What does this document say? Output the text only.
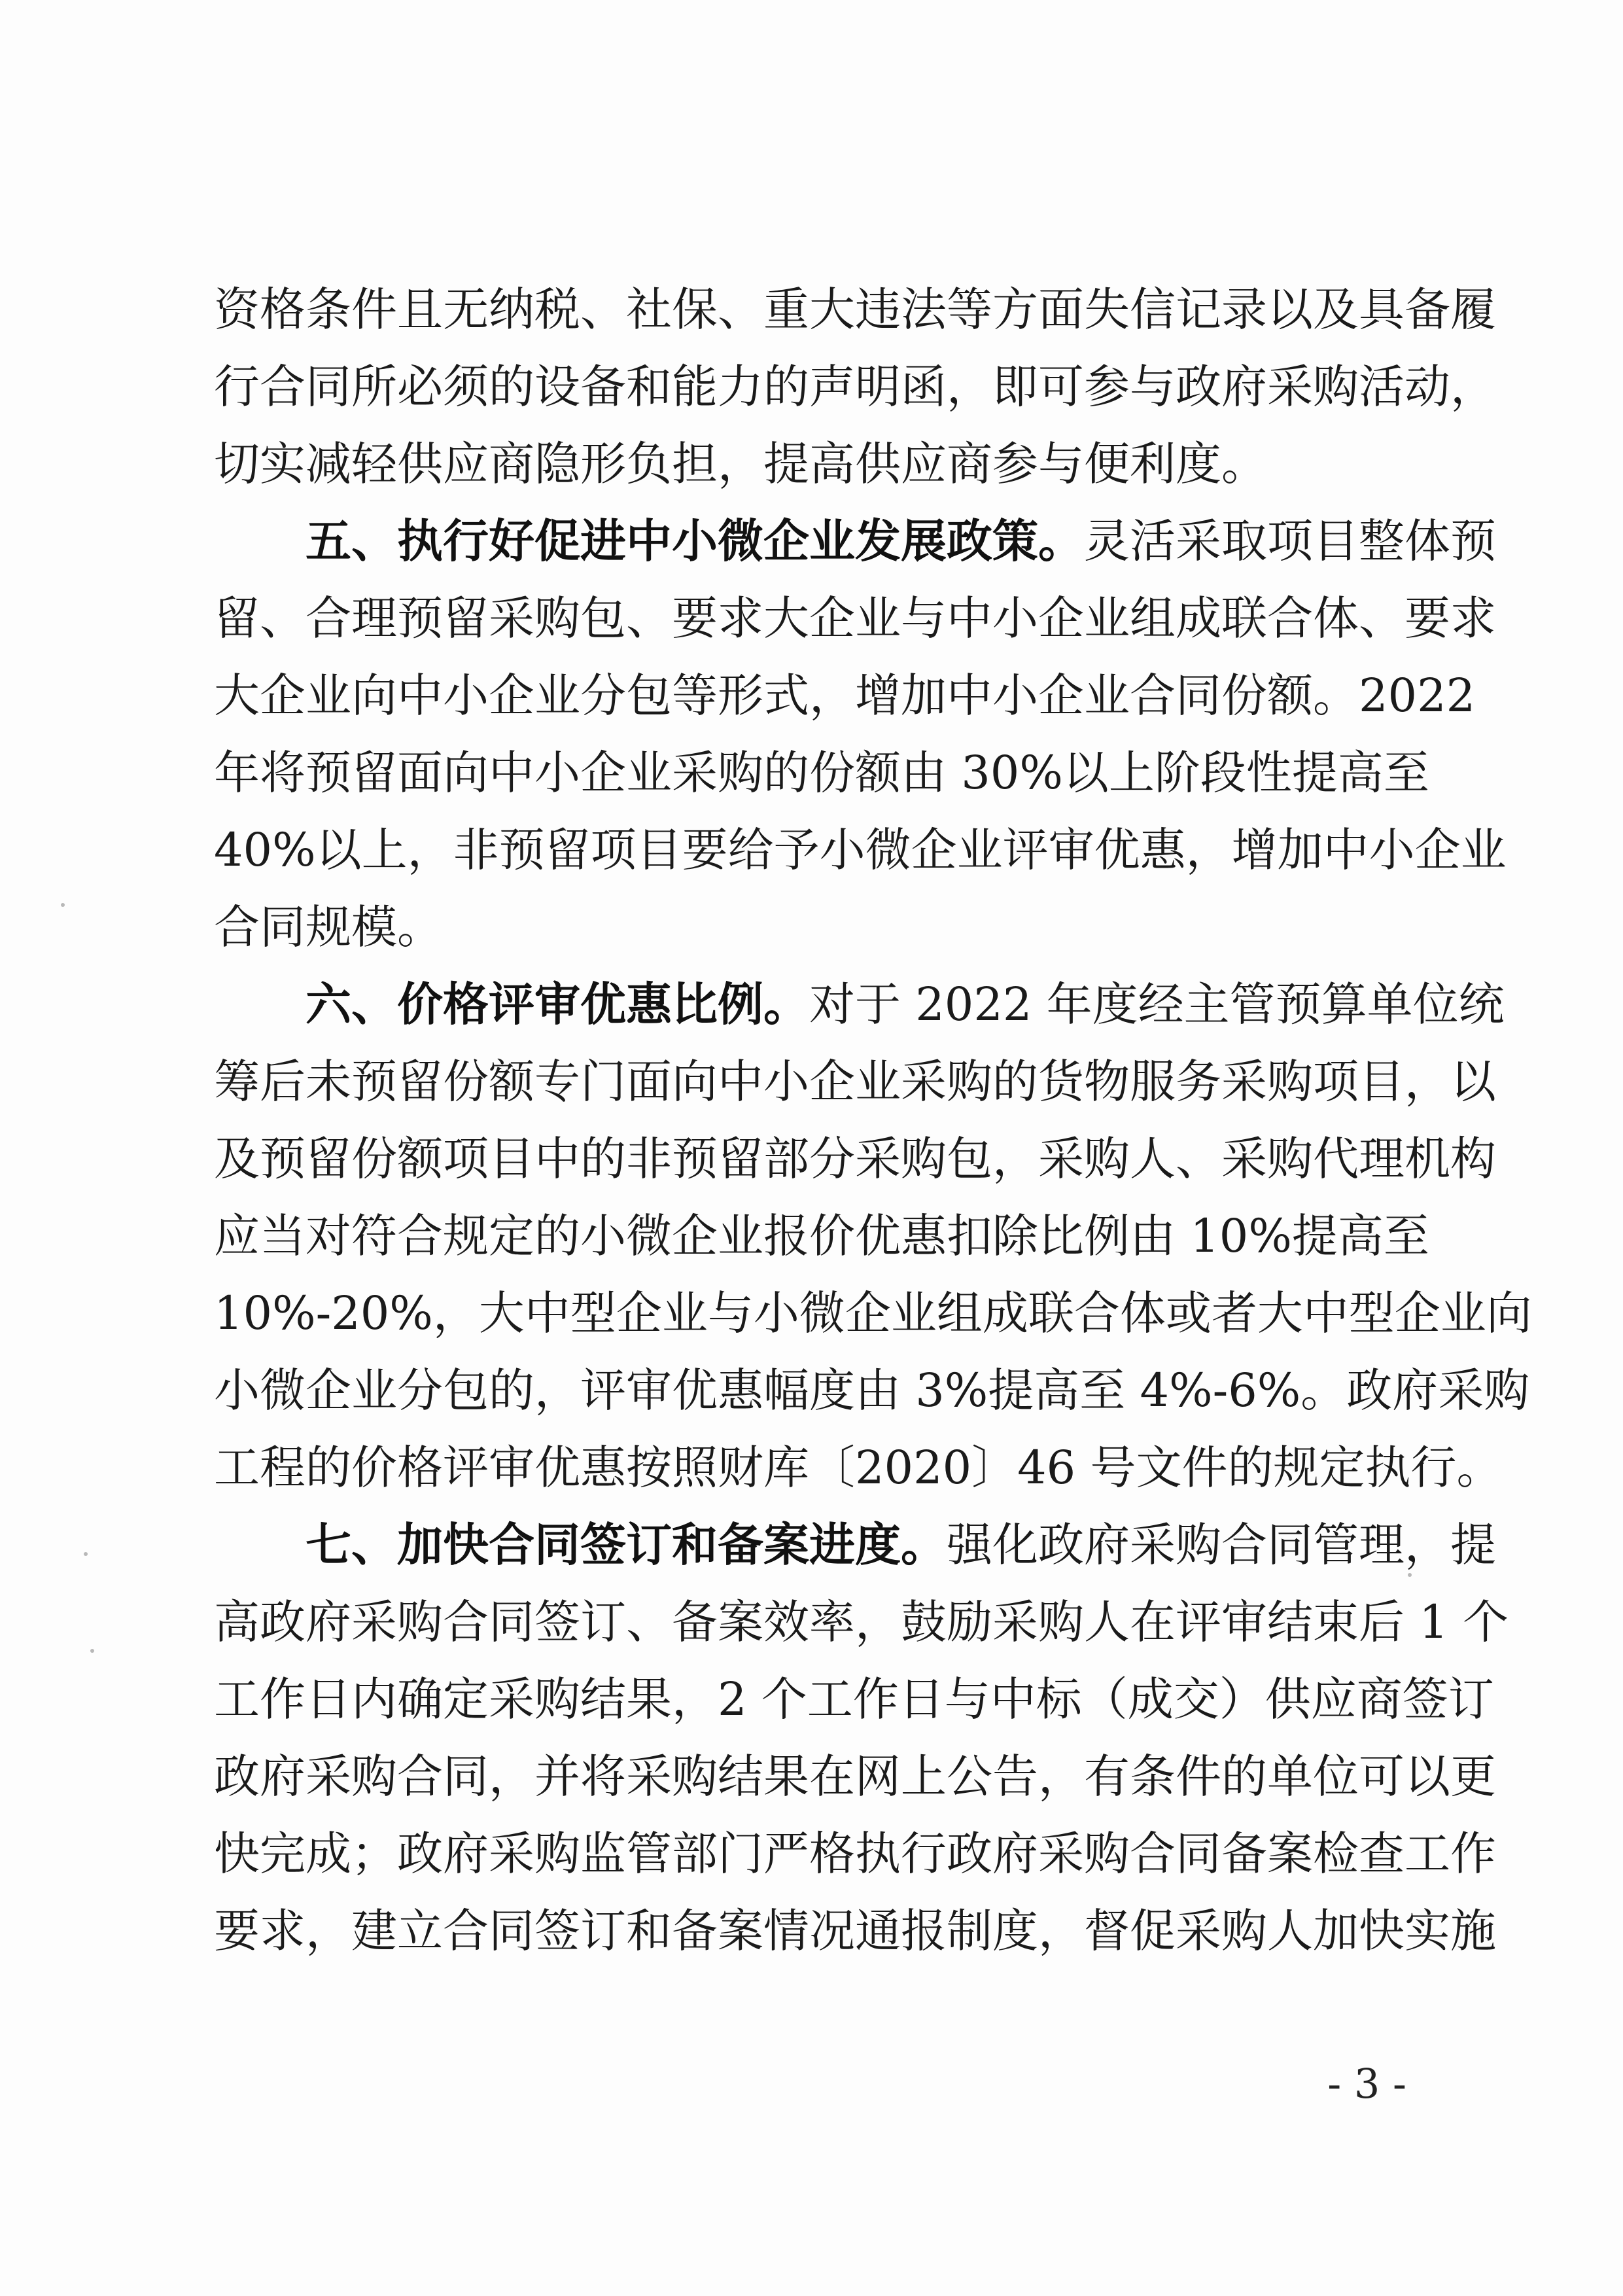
资格条件且无纳税、社保、重大违法等方面失信记录以及具备履
行合同所必须的设备和能力的声明函，即可参与政府采购活动，
切实减轻供应商隐形负担，提高供应商参与便利度。
五、执行好促进中小微企业发展政策。灵活采取项目整体预
留、合理预留采购包、要求大企业与中小企业组成联合体、要求
大企业向中小企业分包等形式，增加中小企业合同份额。2022
年将预留面向中小企业采购的份额由 30%以上阶段性提高至
40%以上，非预留项目要给予小微企业评审优惠，增加中小企业
合同规模。
六、价格评审优惠比例。对于 2022 年度经主管预算单位统
筹后未预留份额专门面向中小企业采购的货物服务采购项目，以
及预留份额项目中的非预留部分采购包，采购人、采购代理机构
应当对符合规定的小微企业报价优惠扣除比例由 10%提高至
10%-20%，大中型企业与小微企业组成联合体或者大中型企业向
小微企业分包的，评审优惠幅度由 3%提高至 4%-6%。政府采购
工程的价格评审优惠按照财库〔2020〕46 号文件的规定执行。
七、加快合同签订和备案进度。强化政府采购合同管理，提
高政府采购合同签订、备案效率，鼓励采购人在评审结束后 1 个
工作日内确定采购结果，2 个工作日与中标（成交）供应商签订
政府采购合同，并将采购结果在网上公告，有条件的单位可以更
快完成；政府采购监管部门严格执行政府采购合同备案检查工作
要求，建立合同签订和备案情况通报制度，督促采购人加快实施
- 3 -
